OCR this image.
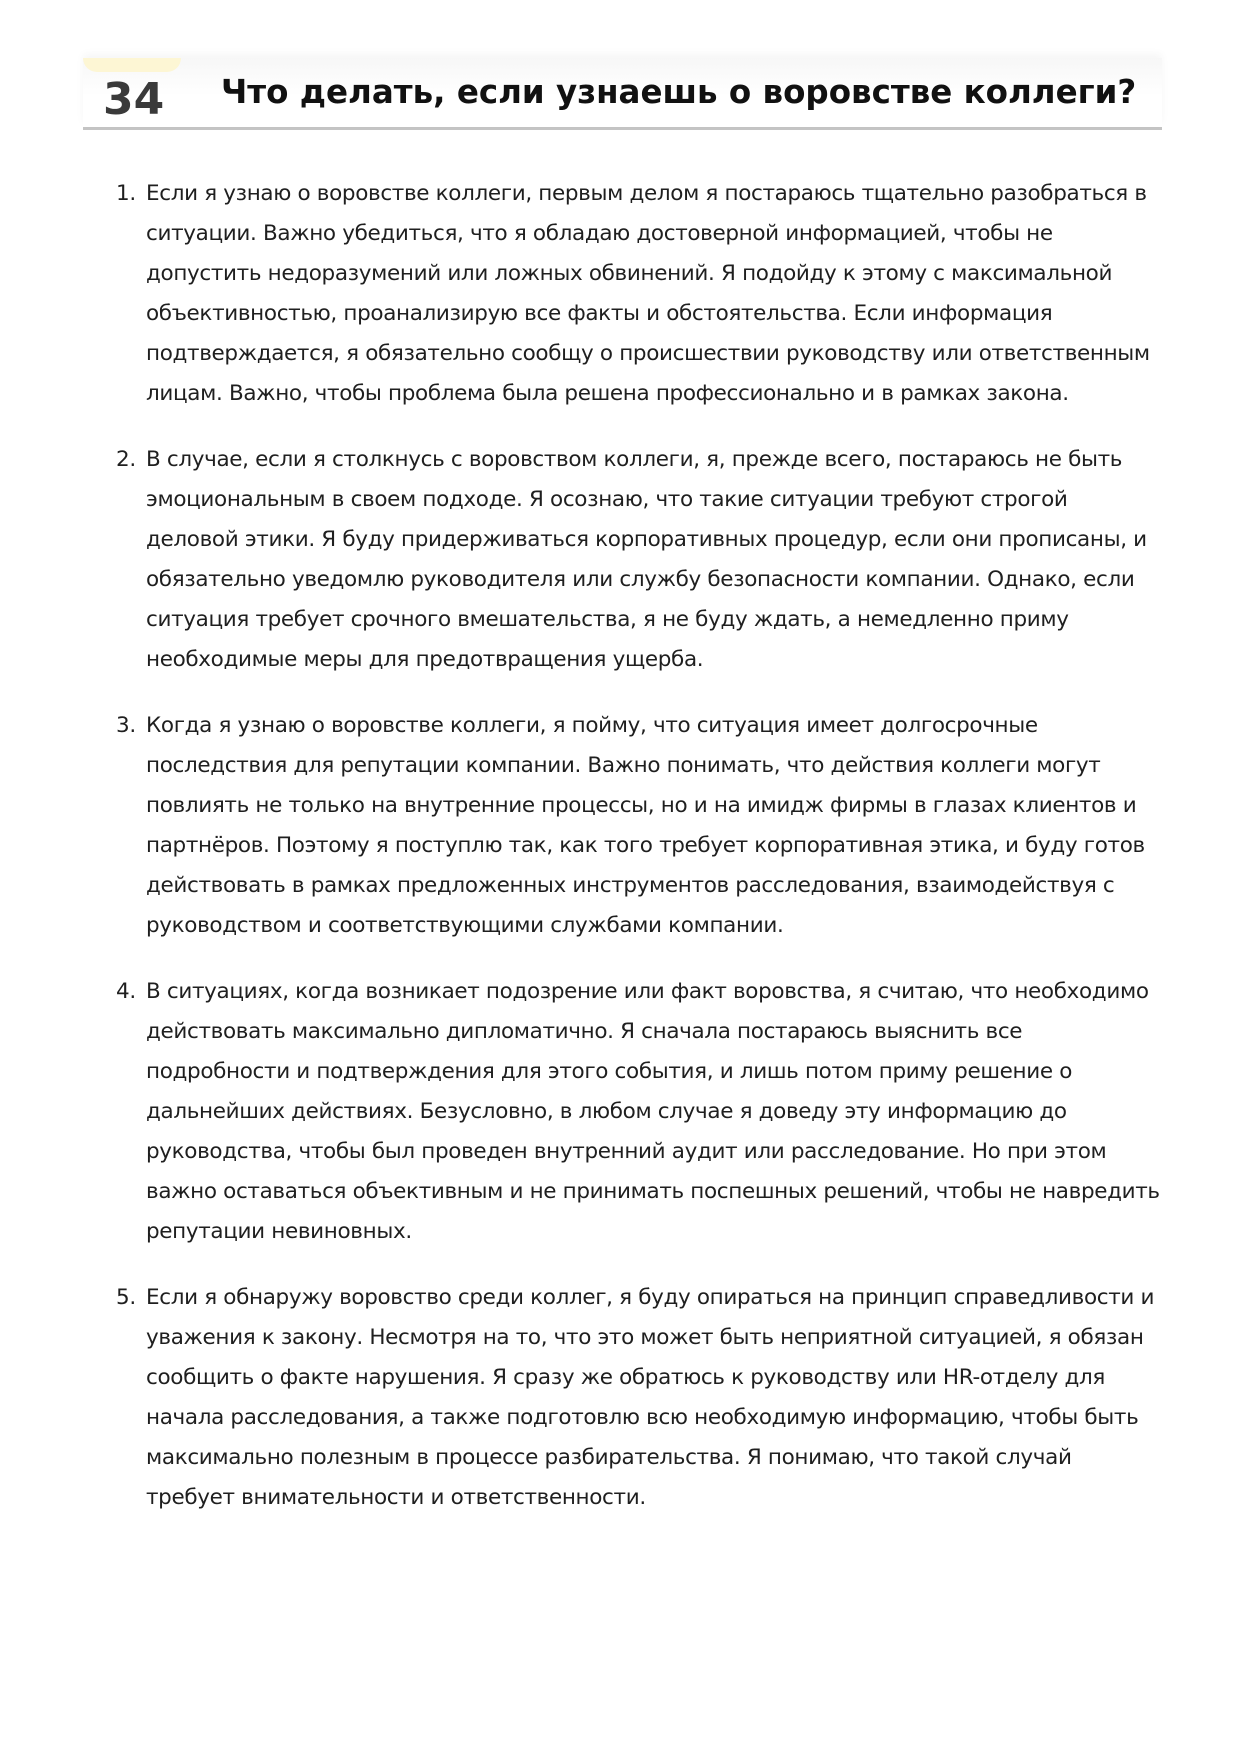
34 Что делать, если узнаешь о воровстве коллеги?
1. Если я узнаю о воровстве коллеги, первым делом я постараюсь тщательно разобраться в ситуации. Важно убедиться, что я обладаю достоверной информацией, чтобы не допустить недоразумений или ложных обвинений. Я подойду к этому с максимальной объективностью, проанализирую все факты и обстоятельства. Если информация подтверждается, я обязательно сообщу о происшествии руководству или ответственным лицам. Важно, чтобы проблема была решена профессионально и в рамках закона.
2. В случае, если я столкнусь с воровством коллеги, я, прежде всего, постараюсь не быть эмоциональным в своем подходе. Я осознаю, что такие ситуации требуют строгой деловой этики. Я буду придерживаться корпоративных процедур, если они прописаны, и обязательно уведомлю руководителя или службу безопасности компании. Однако, если ситуация требует срочного вмешательства, я не буду ждать, а немедленно приму необходимые меры для предотвращения ущерба.
3. Когда я узнаю о воровстве коллеги, я пойму, что ситуация имеет долгосрочные последствия для репутации компании. Важно понимать, что действия коллеги могут повлиять не только на внутренние процессы, но и на имидж фирмы в глазах клиентов и партнёров. Поэтому я поступлю так, как того требует корпоративная этика, и буду готов действовать в рамках предложенных инструментов расследования, взаимодействуя с руководством и соответствующими службами компании.
4. В ситуациях, когда возникает подозрение или факт воровства, я считаю, что необходимо действовать максимально дипломатично. Я сначала постараюсь выяснить все подробности и подтверждения для этого события, и лишь потом приму решение о дальнейших действиях. Безусловно, в любом случае я доведу эту информацию до руководства, чтобы был проведен внутренний аудит или расследование. Но при этом важно оставаться объективным и не принимать поспешных решений, чтобы не навредить репутации невиновных.
5. Если я обнаружу воровство среди коллег, я буду опираться на принцип справедливости и уважения к закону. Несмотря на то, что это может быть неприятной ситуацией, я обязан сообщить о факте нарушения. Я сразу же обратюсь к руководству или HR-отделу для начала расследования, а также подготовлю всю необходимую информацию, чтобы быть максимально полезным в процессе разбирательства. Я понимаю, что такой случай требует внимательности и ответственности.
